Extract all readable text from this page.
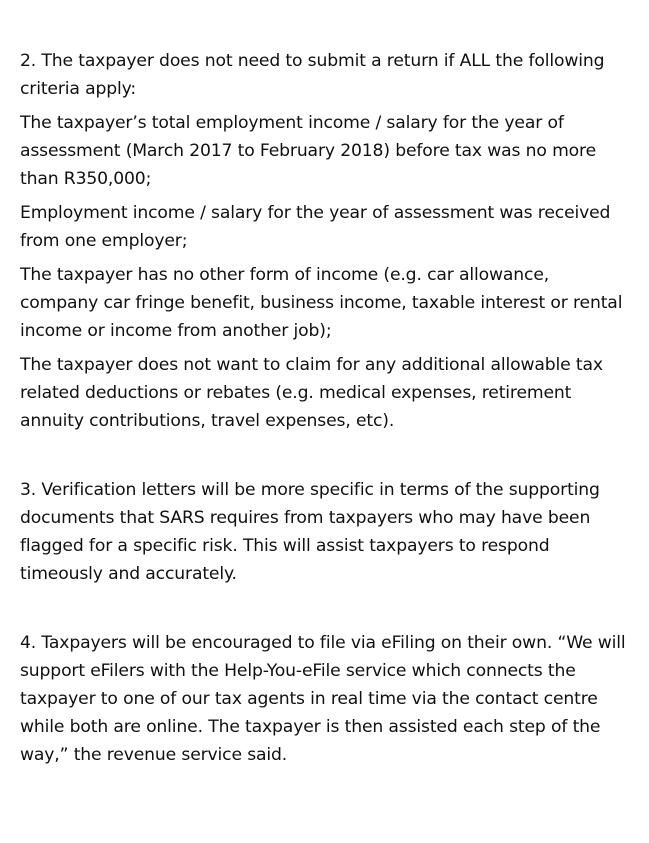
2. The taxpayer does not need to submit a return if ALL the following criteria apply:

The taxpayer’s total employment income / salary for the year of assessment (March 2017 to February 2018) before tax was no more than R350,000;

Employment income / salary for the year of assessment was received from one employer;

The taxpayer has no other form of income (e.g. car allowance, company car fringe benefit, business income, taxable interest or rental income or income from another job);

The taxpayer does not want to claim for any additional allowable tax related deductions or rebates (e.g. medical expenses, retirement annuity contributions, travel expenses, etc).

3. Verification letters will be more specific in terms of the supporting documents that SARS requires from taxpayers who may have been flagged for a specific risk. This will assist taxpayers to respond timeously and accurately.

4. Taxpayers will be encouraged to file via eFiling on their own. “We will support eFilers with the Help-You-eFile service which connects the taxpayer to one of our tax agents in real time via the contact centre while both are online. The taxpayer is then assisted each step of the way,” the revenue service said.
